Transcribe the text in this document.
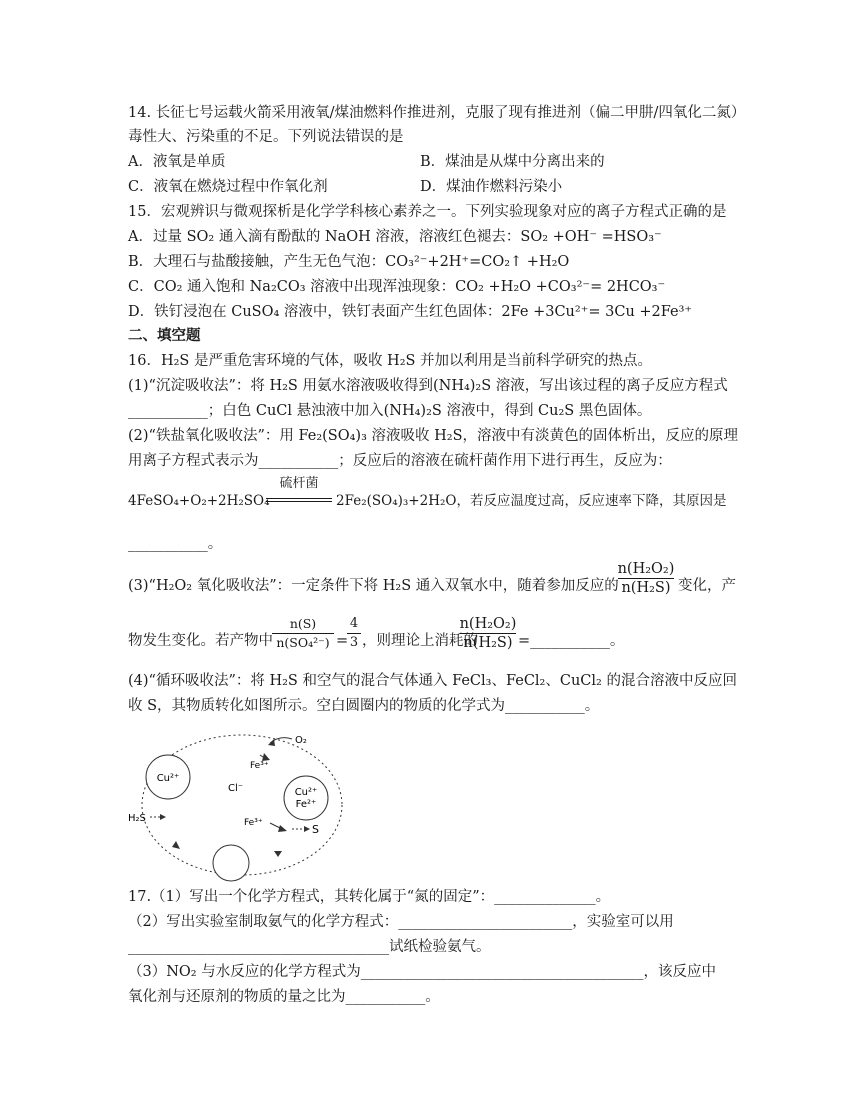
14. 长征七号运载火箭采用液氧/煤油燃料作推进剂，克服了现有推进剂（偏二甲肼/四氧化二氮）
毒性大、污染重的不足。下列说法错误的是
A．液氧是单质	B．煤油是从煤中分离出来的
C．液氧在燃烧过程中作氧化剂	D．煤油作燃料污染小
15．宏观辨识与微观探析是化学学科核心素养之一。下列实验现象对应的离子方程式正确的是
A．过量 SO₂ 通入滴有酚酞的 NaOH 溶液，溶液红色褪去：SO₂ +OH⁻ =HSO₃⁻
B．大理石与盐酸接触，产生无色气泡：CO₃²⁻+2H⁺=CO₂↑ +H₂O
C．CO₂ 通入饱和 Na₂CO₃ 溶液中出现浑浊现象：CO₂ +H₂O +CO₃²⁻= 2HCO₃⁻
D．铁钉浸泡在 CuSO₄ 溶液中，铁钉表面产生红色固体：2Fe +3Cu²⁺= 3Cu +2Fe³⁺
二、填空题
16．H₂S 是严重危害环境的气体，吸收 H₂S 并加以利用是当前科学研究的热点。
(1)“沉淀吸收法”：将 H₂S 用氨水溶液吸收得到(NH₄)₂S 溶液，写出该过程的离子反应方程式
___________；白色 CuCl 悬浊液中加入(NH₄)₂S 溶液中，得到 Cu₂S 黑色固体。
(2)“铁盐氧化吸收法”：用 Fe₂(SO₄)₃ 溶液吸收 H₂S，溶液中有淡黄色的固体析出，反应的原理
用离子方程式表示为___________；反应后的溶液在硫杆菌作用下进行再生，反应为：
4FeSO₄+O₂+2H₂SO₄
硫杆菌
2Fe₂(SO₄)₃+2H₂O，若反应温度过高，反应速率下降，其原因是
___________。
(3)“H₂O₂ 氧化吸收法”：一定条件下将 H₂S 通入双氧水中，随着参加反应的
n(H₂O₂)
n(H₂S) 变化，产
物发生变化。若产物中
n(S)
n(SO₄²⁻) =
4
3 ，则理论上消耗的
n(H₂O₂)
n(H₂S) =___________。
(4)“循环吸收法”：将 H₂S 和空气的混合气体通入 FeCl₃、FeCl₂、CuCl₂ 的混合溶液中反应回
收 S，其物质转化如图所示。空白圆圈内的物质的化学式为___________。
Cu²⁺
Cu²⁺
Fe²⁺
O₂
Fe³⁺
Cl⁻
H₂S	Fe³⁺	S
17.（1）写出一个化学方程式，其转化属于“氮的固定”：______________。
（2）写出实验室制取氨气的化学方程式：________________________，实验室可以用
____________________________________试纸检验氨气。
（3）NO₂ 与水反应的化学方程式为_______________________________________，该反应中
氧化剂与还原剂的物质的量之比为___________。
